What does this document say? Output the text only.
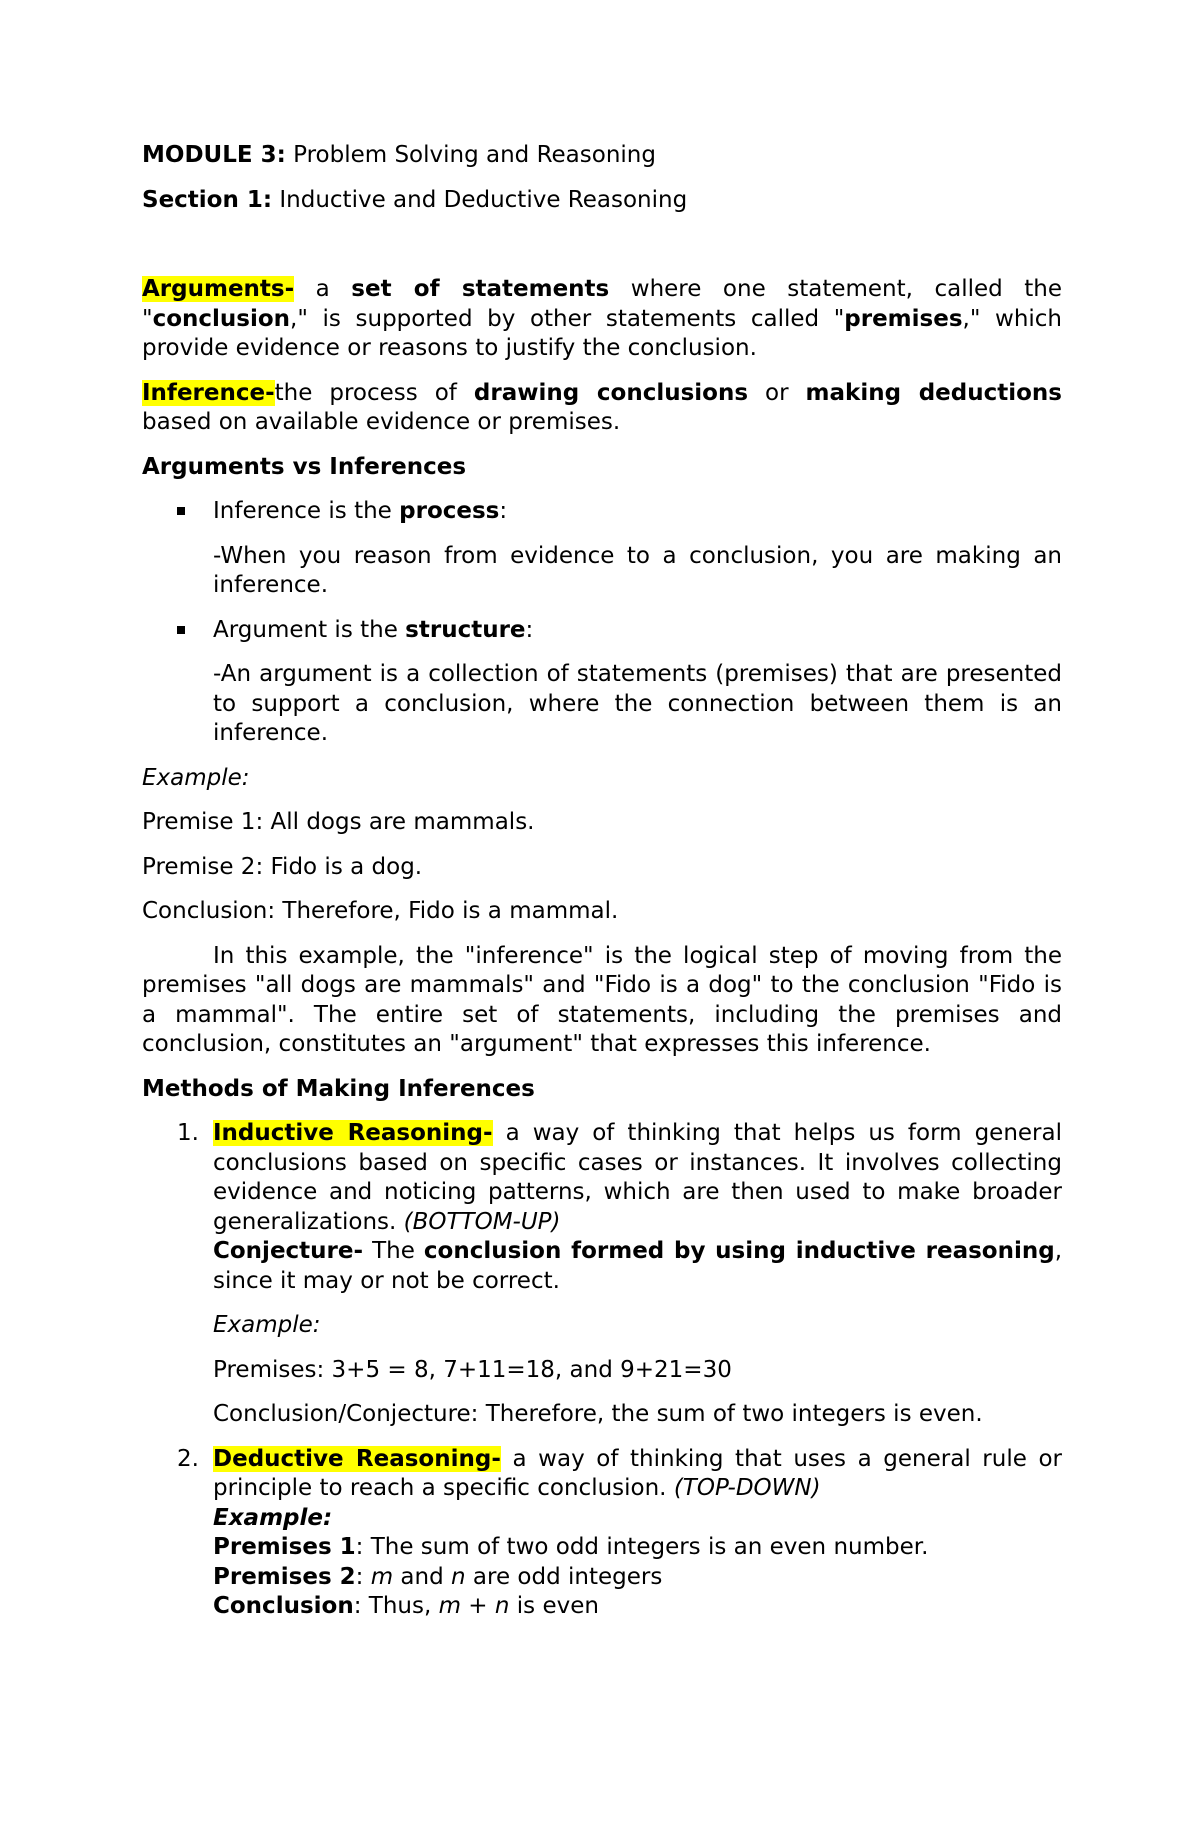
MODULE 3: Problem Solving and Reasoning

Section 1: Inductive and Deductive Reasoning

Arguments- a set of statements where one statement, called the "conclusion," is supported by other statements called "premises," which provide evidence or reasons to justify the conclusion.

Inference-the process of drawing conclusions or making deductions based on available evidence or premises.

Arguments vs Inferences

Inference is the process:

-When you reason from evidence to a conclusion, you are making an inference.

Argument is the structure:

-An argument is a collection of statements (premises) that are presented to support a conclusion, where the connection between them is an inference.

Example:

Premise 1: All dogs are mammals.

Premise 2: Fido is a dog.

Conclusion: Therefore, Fido is a mammal.

In this example, the "inference" is the logical step of moving from the premises "all dogs are mammals" and "Fido is a dog" to the conclusion "Fido is a mammal". The entire set of statements, including the premises and conclusion, constitutes an "argument" that expresses this inference.

Methods of Making Inferences

1. Inductive Reasoning- a way of thinking that helps us form general conclusions based on specific cases or instances. It involves collecting evidence and noticing patterns, which are then used to make broader generalizations. (BOTTOM-UP)
Conjecture- The conclusion formed by using inductive reasoning, since it may or not be correct.

Example:

Premises: 3+5 = 8, 7+11=18, and 9+21=30

Conclusion/Conjecture: Therefore, the sum of two integers is even.

2. Deductive Reasoning- a way of thinking that uses a general rule or principle to reach a specific conclusion. (TOP-DOWN)
Example:
Premises 1: The sum of two odd integers is an even number.
Premises 2: m and n are odd integers
Conclusion: Thus, m + n is even
